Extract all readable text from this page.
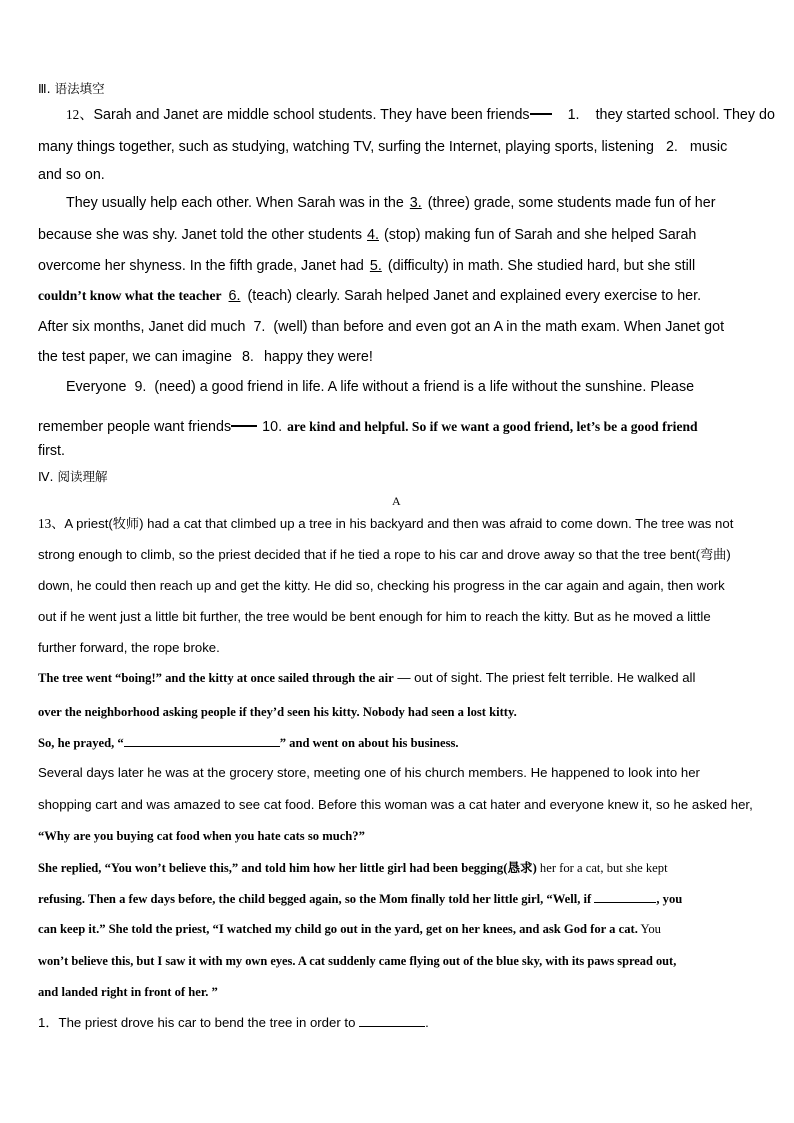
Ⅲ. 语法填空
12、Sarah and Janet are middle school students. They have been friends	1. they started school. They do
many things together, such as studying, watching TV, surfing the Internet, playing sports, listening 2. music
and so on.
They usually help each other. When Sarah was in the 3. (three) grade, some students made fun of her
because she was shy. Janet told the other students 4. (stop) making fun of Sarah and she helped Sarah
overcome her shyness. In the fifth grade, Janet had 5. (difficulty) in math. She studied hard, but she still
couldn’t know what the teacher 6. (teach) clearly. Sarah helped Janet and explained every exercise to her.
After six months, Janet did much 7. (well) than before and even got an A in the math exam. When Janet got
the test paper, we can imagine 8. happy they were!
Everyone 9. (need) a good friend in life. A life without a friend is a life without the sunshine. Please
remember people want friends 10. are kind and helpful. So if we want a good friend, let’s be a good friend
first.
Ⅳ. 阅读理解
A
13、A priest(牧师) had a cat that climbed up a tree in his backyard and then was afraid to come down. The tree was not
strong enough to climb, so the priest decided that if he tied a rope to his car and drove away so that the tree bent(弯曲)
down, he could then reach up and get the kitty. He did so, checking his progress in the car again and again, then work
out if he went just a little bit further, the tree would be bent enough for him to reach the kitty. But as he moved a little
further forward, the rope broke.
The tree went “boing!” and the kitty at once sailed through the air — out of sight. The priest felt terrible. He walked all
over the neighborhood asking people if they’d seen his kitty. Nobody had seen a lost kitty.
So, he prayed, “	” and went on about his business.
Several days later he was at the grocery store, meeting one of his church members. He happened to look into her
shopping cart and was amazed to see cat food. Before this woman was a cat hater and everyone knew it, so he asked her,
“Why are you buying cat food when you hate cats so much?”
She replied, “You won’t believe this,” and told him how her little girl had been begging(恳求) her for a cat, but she kept
refusing. Then a few days before, the child begged again, so the Mom finally told her little girl, “Well, if	, you
can keep it.” She told the priest, “I watched my child go out in the yard, get on her knees, and ask God for a cat. You
won’t believe this, but I saw it with my own eyes. A cat suddenly came flying out of the blue sky, with its paws spread out,
and landed right in front of her. ”
1．The priest drove his car to bend the tree in order to	.
